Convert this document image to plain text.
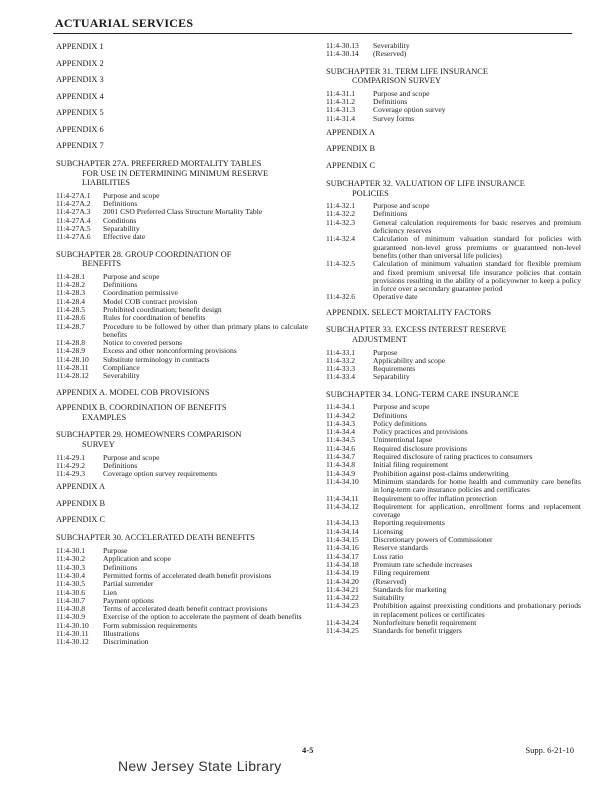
ACTUARIAL SERVICES
APPENDIX 1
APPENDIX 2
APPENDIX 3
APPENDIX 4
APPENDIX 5
APPENDIX 6
APPENDIX 7
SUBCHAPTER 27A. PREFERRED MORTALITY TABLES
FOR USE IN DETERMINING MINIMUM RESERVE
LIABILITIES
11:4-27A.1	Purpose and scope
11:4-27A.2	Definitions
11:4-27A.3	2001 CSO Preferred Class Structure Mortality Table
11:4-27A.4	Conditions
11:4-27A.5	Separability
11:4-27A.6	Effective date
SUBCHAPTER 28. GROUP COORDINATION OF
BENEFITS
11:4-28.1	Purpose and scope
11:4-28.2	Definitions
11:4-28.3	Coordination permissive
11:4-28.4	Model COB contract provision
11:4-28.5	Prohibited coordination; benefit design
11:4-28.6	Rules for coordination of benefits
11:4-28.7	Procedure to be followed by other than primary plans to calculate benefits
11:4-28.8	Notice to covered persons
11:4-28.9	Excess and other nonconforming provisions
11:4-28.10	Substitute terminology in contracts
11:4-28.11	Compliance
11:4-28.12	Severability
APPENDIX A. MODEL COB PROVISIONS
APPENDIX B. COORDINATION OF BENEFITS
EXAMPLES
SUBCHAPTER 29. HOMEOWNERS COMPARISON
SURVEY
11:4-29.1	Purpose and scope
11:4-29.2	Definitions
11:4-29.3	Coverage option survey requirements
APPENDIX A
APPENDIX B
APPENDIX C
SUBCHAPTER 30. ACCELERATED DEATH BENEFITS
11:4-30.1	Purpose
11:4-30.2	Application and scope
11:4-30.3	Definitions
11:4-30.4	Permitted forms of accelerated death benefit provisions
11:4-30.5	Partial surrender
11:4-30.6	Lien
11:4-30.7	Payment options
11:4-30.8	Terms of accelerated death benefit contract provisions
11:4-30.9	Exercise of the option to accelerate the payment of death benefits
11:4-30.10	Form submission requirements
11:4-30.11	Illustrations
11:4-30.12	Discrimination
11:4-30.13	Severability
11:4-30.14	(Reserved)
SUBCHAPTER 31. TERM LIFE INSURANCE
COMPARISON SURVEY
11:4-31.1	Purpose and scope
11:4-31.2	Definitions
11:4-31.3	Coverage option survey
11:4-31.4	Survey forms
APPENDIX A
APPENDIX B
APPENDIX C
SUBCHAPTER 32. VALUATION OF LIFE INSURANCE
POLICIES
11:4-32.1	Purpose and scope
11:4-32.2	Definitions
11:4-32.3	General calculation requirements for basic reserves and premium deficiency reserves
11:4-32.4	Calculation of minimum valuation standard for policies with guaranteed non-level gross premiums or guaranteed non-level benefits (other than universal life policies)
11:4-32.5	Calculation of minimum valuation standard for flexible premium and fixed premium universal life insurance policies that contain provisions resulting in the ability of a policyowner to keep a policy in force over a secondary guarantee period
11:4-32.6	Operative date
APPENDIX. SELECT MORTALITY FACTORS
SUBCHAPTER 33. EXCESS INTEREST RESERVE
ADJUSTMENT
11:4-33.1	Purpose
11:4-33.2	Applicability and scope
11:4-33.3	Requirements
11:4-33.4	Separability
SUBCHAPTER 34. LONG-TERM CARE INSURANCE
11:4-34.1	Purpose and scope
11:4-34.2	Definitions
11:4-34.3	Policy definitions
11:4-34.4	Policy practices and provisions
11:4-34.5	Unintentional lapse
11:4-34.6	Required disclosure provisions
11:4-34.7	Required disclosure of rating practices to consumers
11:4-34.8	Initial filing requirement
11:4-34.9	Prohibition against post-claims underwriting
11:4-34.10	Minimum standards for home health and community care benefits in long-term care insurance policies and certificates
11:4-34.11	Requirement to offer inflation protection
11:4-34.12	Requirement for application, enrollment forms and replacement coverage
11:4-34.13	Reporting requirements
11:4-34.14	Licensing
11:4-34.15	Discretionary powers of Commissioner
11:4-34.16	Reserve standards
11:4-34.17	Loss ratio
11:4-34.18	Premium rate schedule increases
11:4-34.19	Filing requirement
11:4-34.20	(Reserved)
11:4-34.21	Standards for marketing
11:4-34.22	Suitability
11:4-34.23	Prohibition against preexisting conditions and probationary periods in replacement polices or certificates
11:4-34.24	Nonforfeiture benefit requirement
11:4-34.25	Standards for benefit triggers
4-5	Supp. 6-21-10
New Jersey State Library
